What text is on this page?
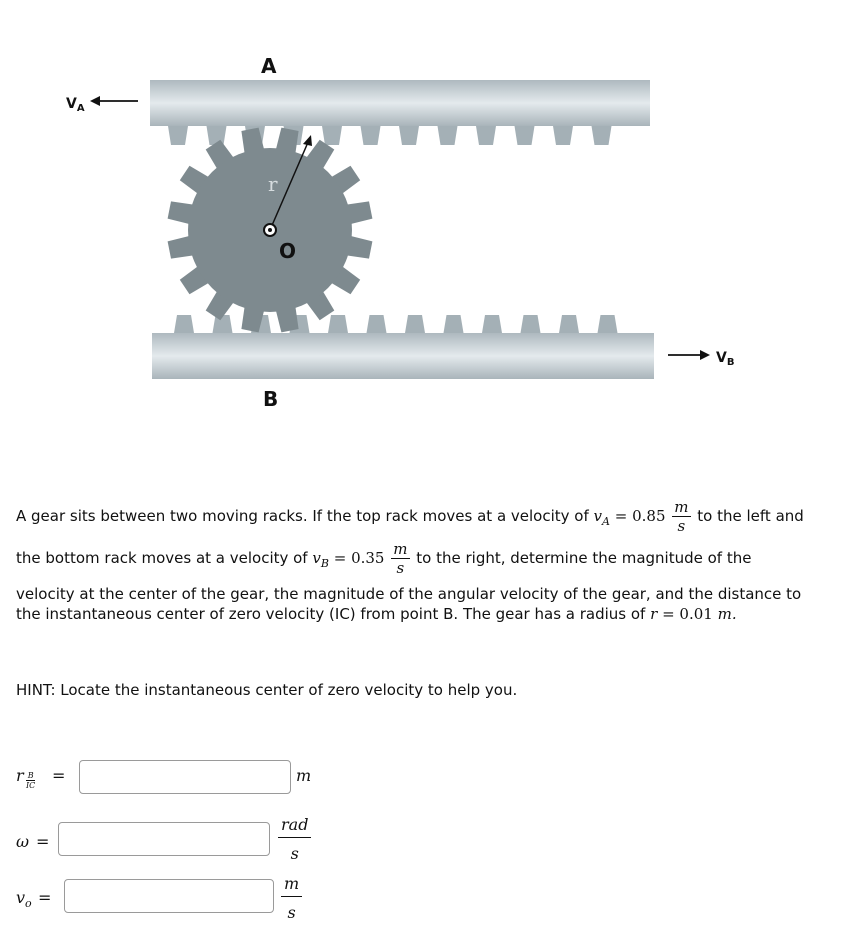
r
O
A
B
$V_A$
$V_B$
A gear sits between two moving racks. If the top rack moves at a velocity of $v_A = 0.85 \frac{m}{s}$ to the left and
the bottom rack moves at a velocity of $v_B = 0.35 \frac{m}{s}$ to the right, determine the magnitude of the
velocity at the center of the gear, the magnitude of the angular velocity of the gear, and the distance to
the instantaneous center of zero velocity (IC) from point B. The gear has a radius of r = 0.01 m.
HINT: Locate the instantaneous center of zero velocity to help you.
r B
IC
=	m
ω =
rad
s
$v_o$ =
m
s
